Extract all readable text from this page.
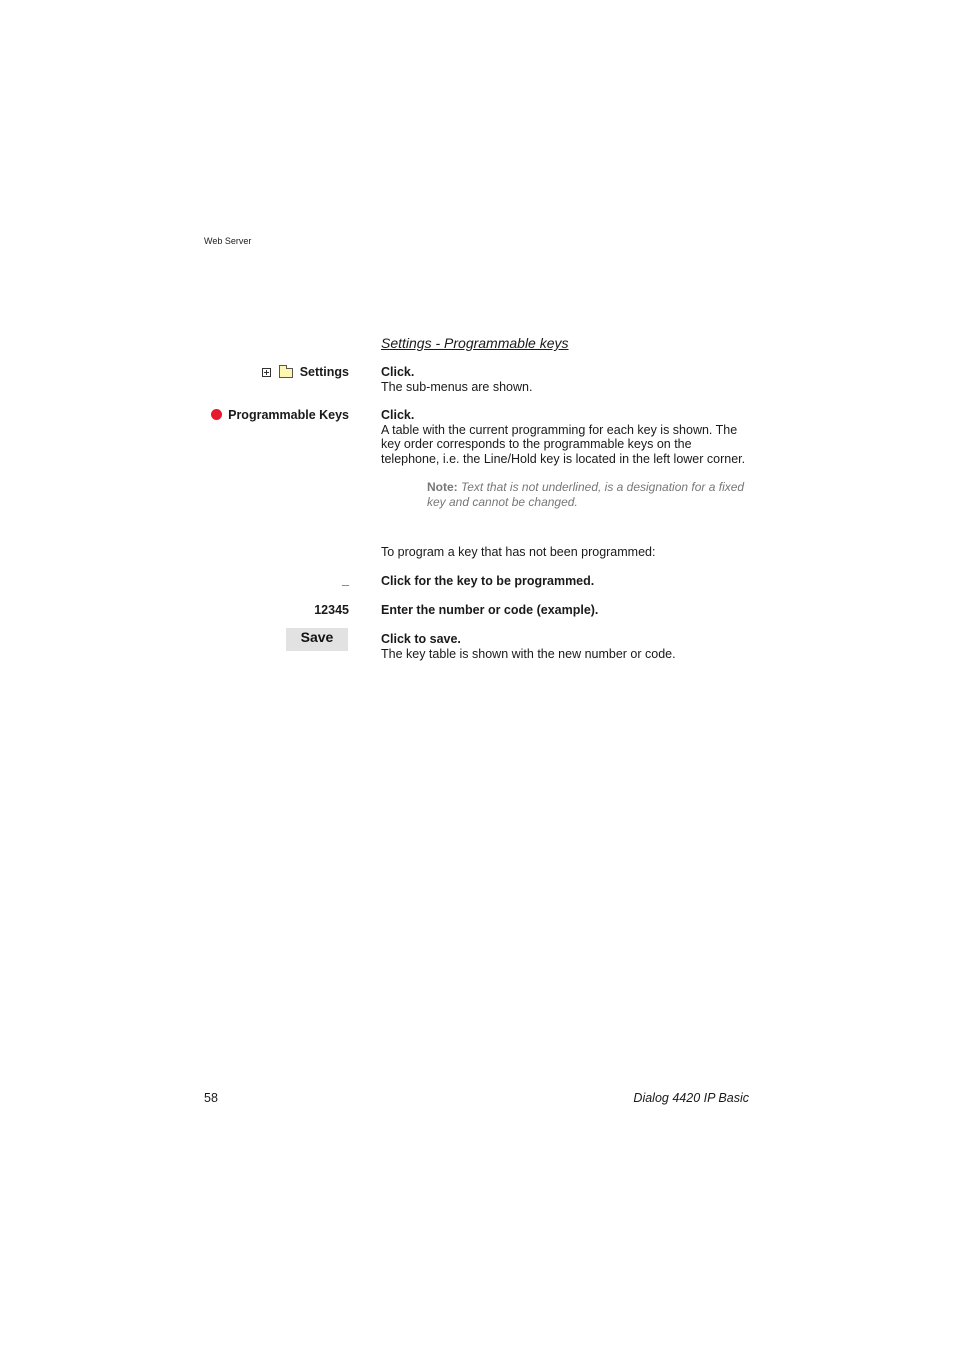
Web Server
Settings - Programmable keys
Settings	Click.
The sub-menus are shown.
Programmable Keys	Click.
A table with the current programming for each key is shown. The key order corresponds to the programmable keys on the telephone, i.e. the Line/Hold key is located in the left lower corner.
Note: Text that is not underlined, is a designation for a fixed key and cannot be changed.
To program a key that has not been programmed:
_	Click for the key to be programmed.
12345	Enter the number or code (example).
Save	Click to save.
The key table is shown with the new number or code.
58	Dialog 4420 IP Basic
